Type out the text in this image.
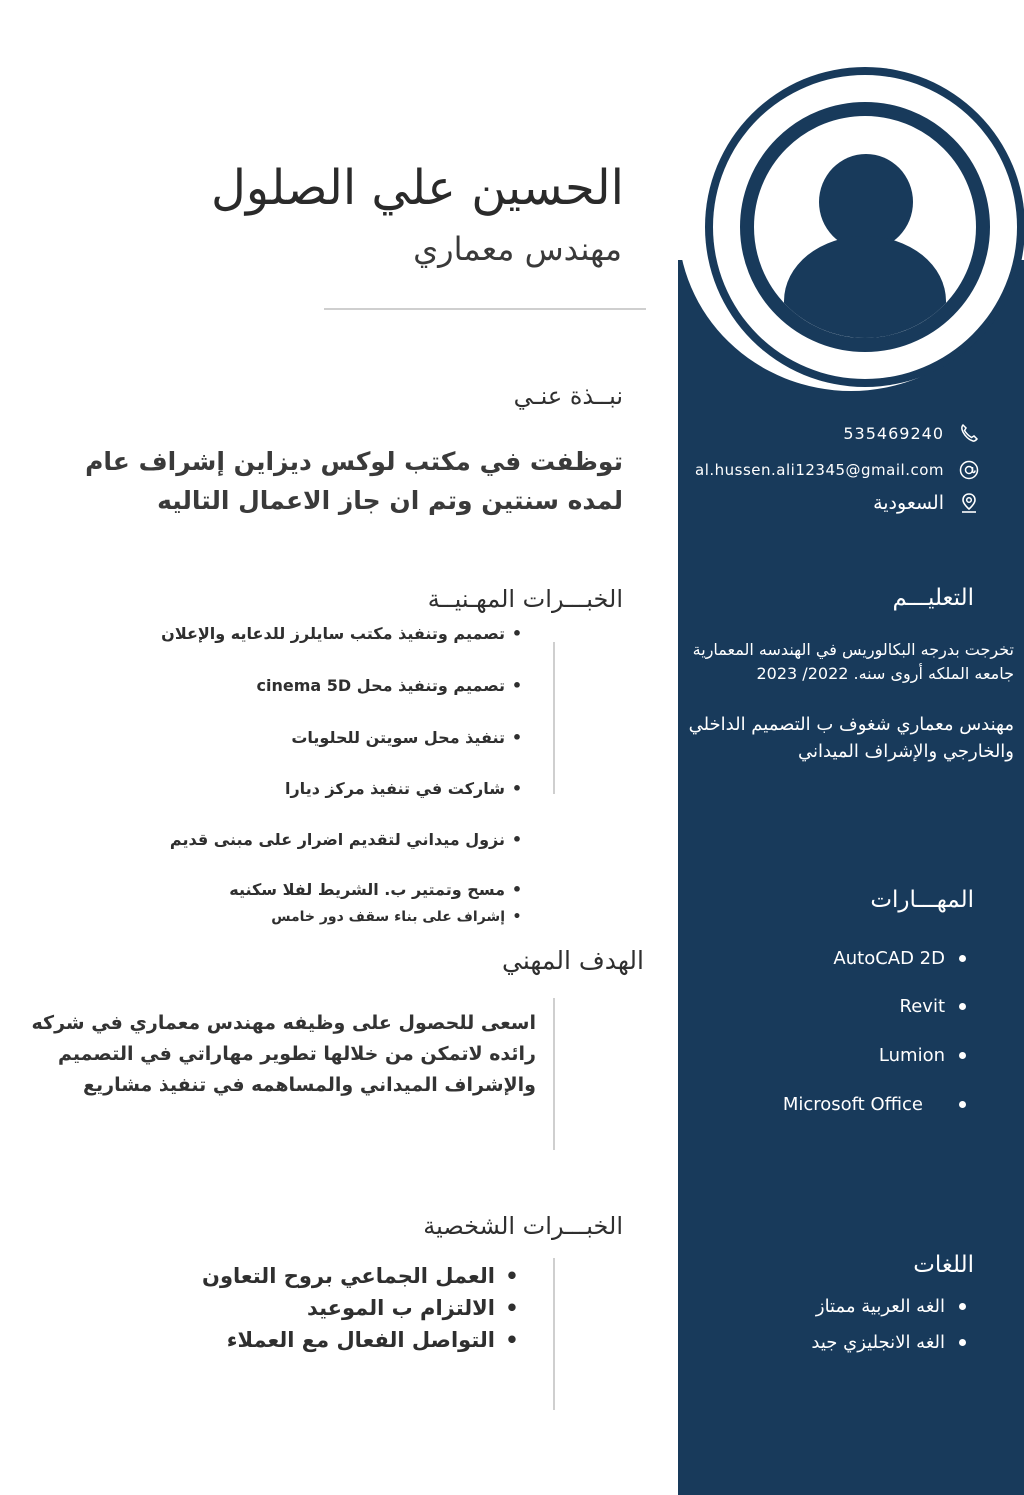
535469240
al.hussen.ali12345@gmail.com
السعودية
التعليـــم
تخرجت بدرجه البكالوريس في الهندسه المعمارية جامعه الملكه أروى سنه. 2022/ 2023
مهندس معماري شغوف ب التصميم الداخلي والخارجي والإشراف الميداني
المهـــارات
AutoCAD 2D
Revit
Lumion
Microsoft Office
اللغات
الغه العربية ممتاز
الغه الانجليزي جيد
الحسين علي الصلول
مهندس معماري
نبــذة عنـي
توظفت في مكتب لوكس ديزاين إشراف عام لمده سنتين وتم ان جاز الاعمال التاليه
الخبـــرات المهـنيــة
• تصميم وتنفيذ مكتب سايلرز للدعايه والإعلان
• تصميم وتنفيذ محل cinema 5D
• تنفيذ محل سويتن للحلويات
• شاركت في تنفيذ مركز ديارا
• نزول ميداني لتقديم اضرار على مبنى قديم
• مسح وتمتير ب. الشريط لفلا سكنيه
• إشراف على بناء سقف دور خامس
الهدف المهني
اسعى للحصول على وظيفه مهندس معماري في شركه رائده لاتمكن من خلالها تطوير مهاراتي في التصميم والإشراف الميداني والمساهمه في تنفيذ مشاريع
الخبـــرات الشخصية
• العمل الجماعي بروح التعاون
• الالتزام ب الموعيد
• التواصل الفعال مع العملاء
